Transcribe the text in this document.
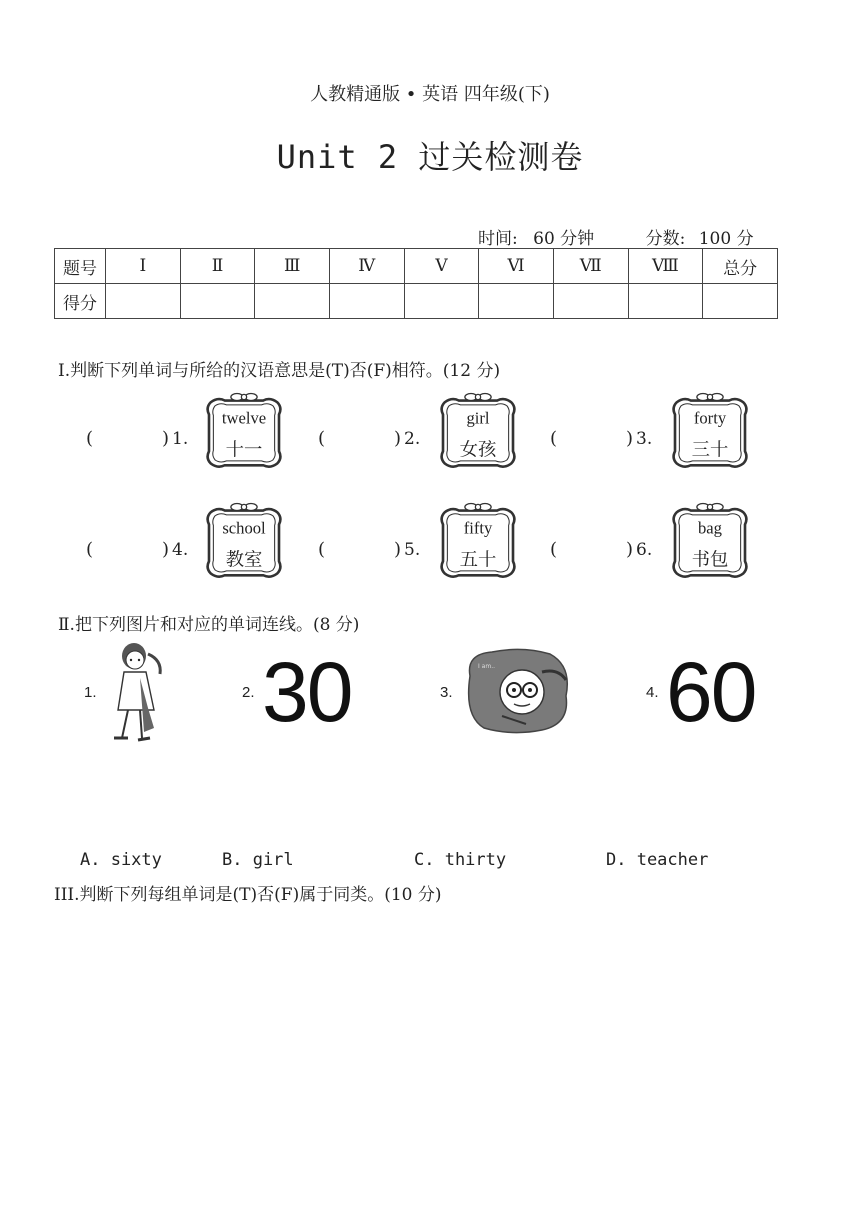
人教精通版 • 英语 四年级(下)
Unit 2 过关检测卷
时间: 60 分钟	分数: 100 分
题号	Ⅰ	Ⅱ	Ⅲ	Ⅳ	Ⅴ	Ⅵ	Ⅶ	Ⅷ	总分
得分									
Ⅰ.判断下列单词与所给的汉语意思是(T)否(F)相符。(12 分)
(	) 1.
twelve
十一
(	) 2.
girl
女孩
(	) 3.
forty
三十
(	) 4.
school
教室
(	) 5.
fifty
五十
(	) 6.
bag
书包
Ⅱ.把下列图片和对应的单词连线。(8 分)
1.	2. 30	3.
I am..
4. 60
A. sixty	B. girl	C. thirty	D. teacher
III.判断下列每组单词是(T)否(F)属于同类。(10 分)
